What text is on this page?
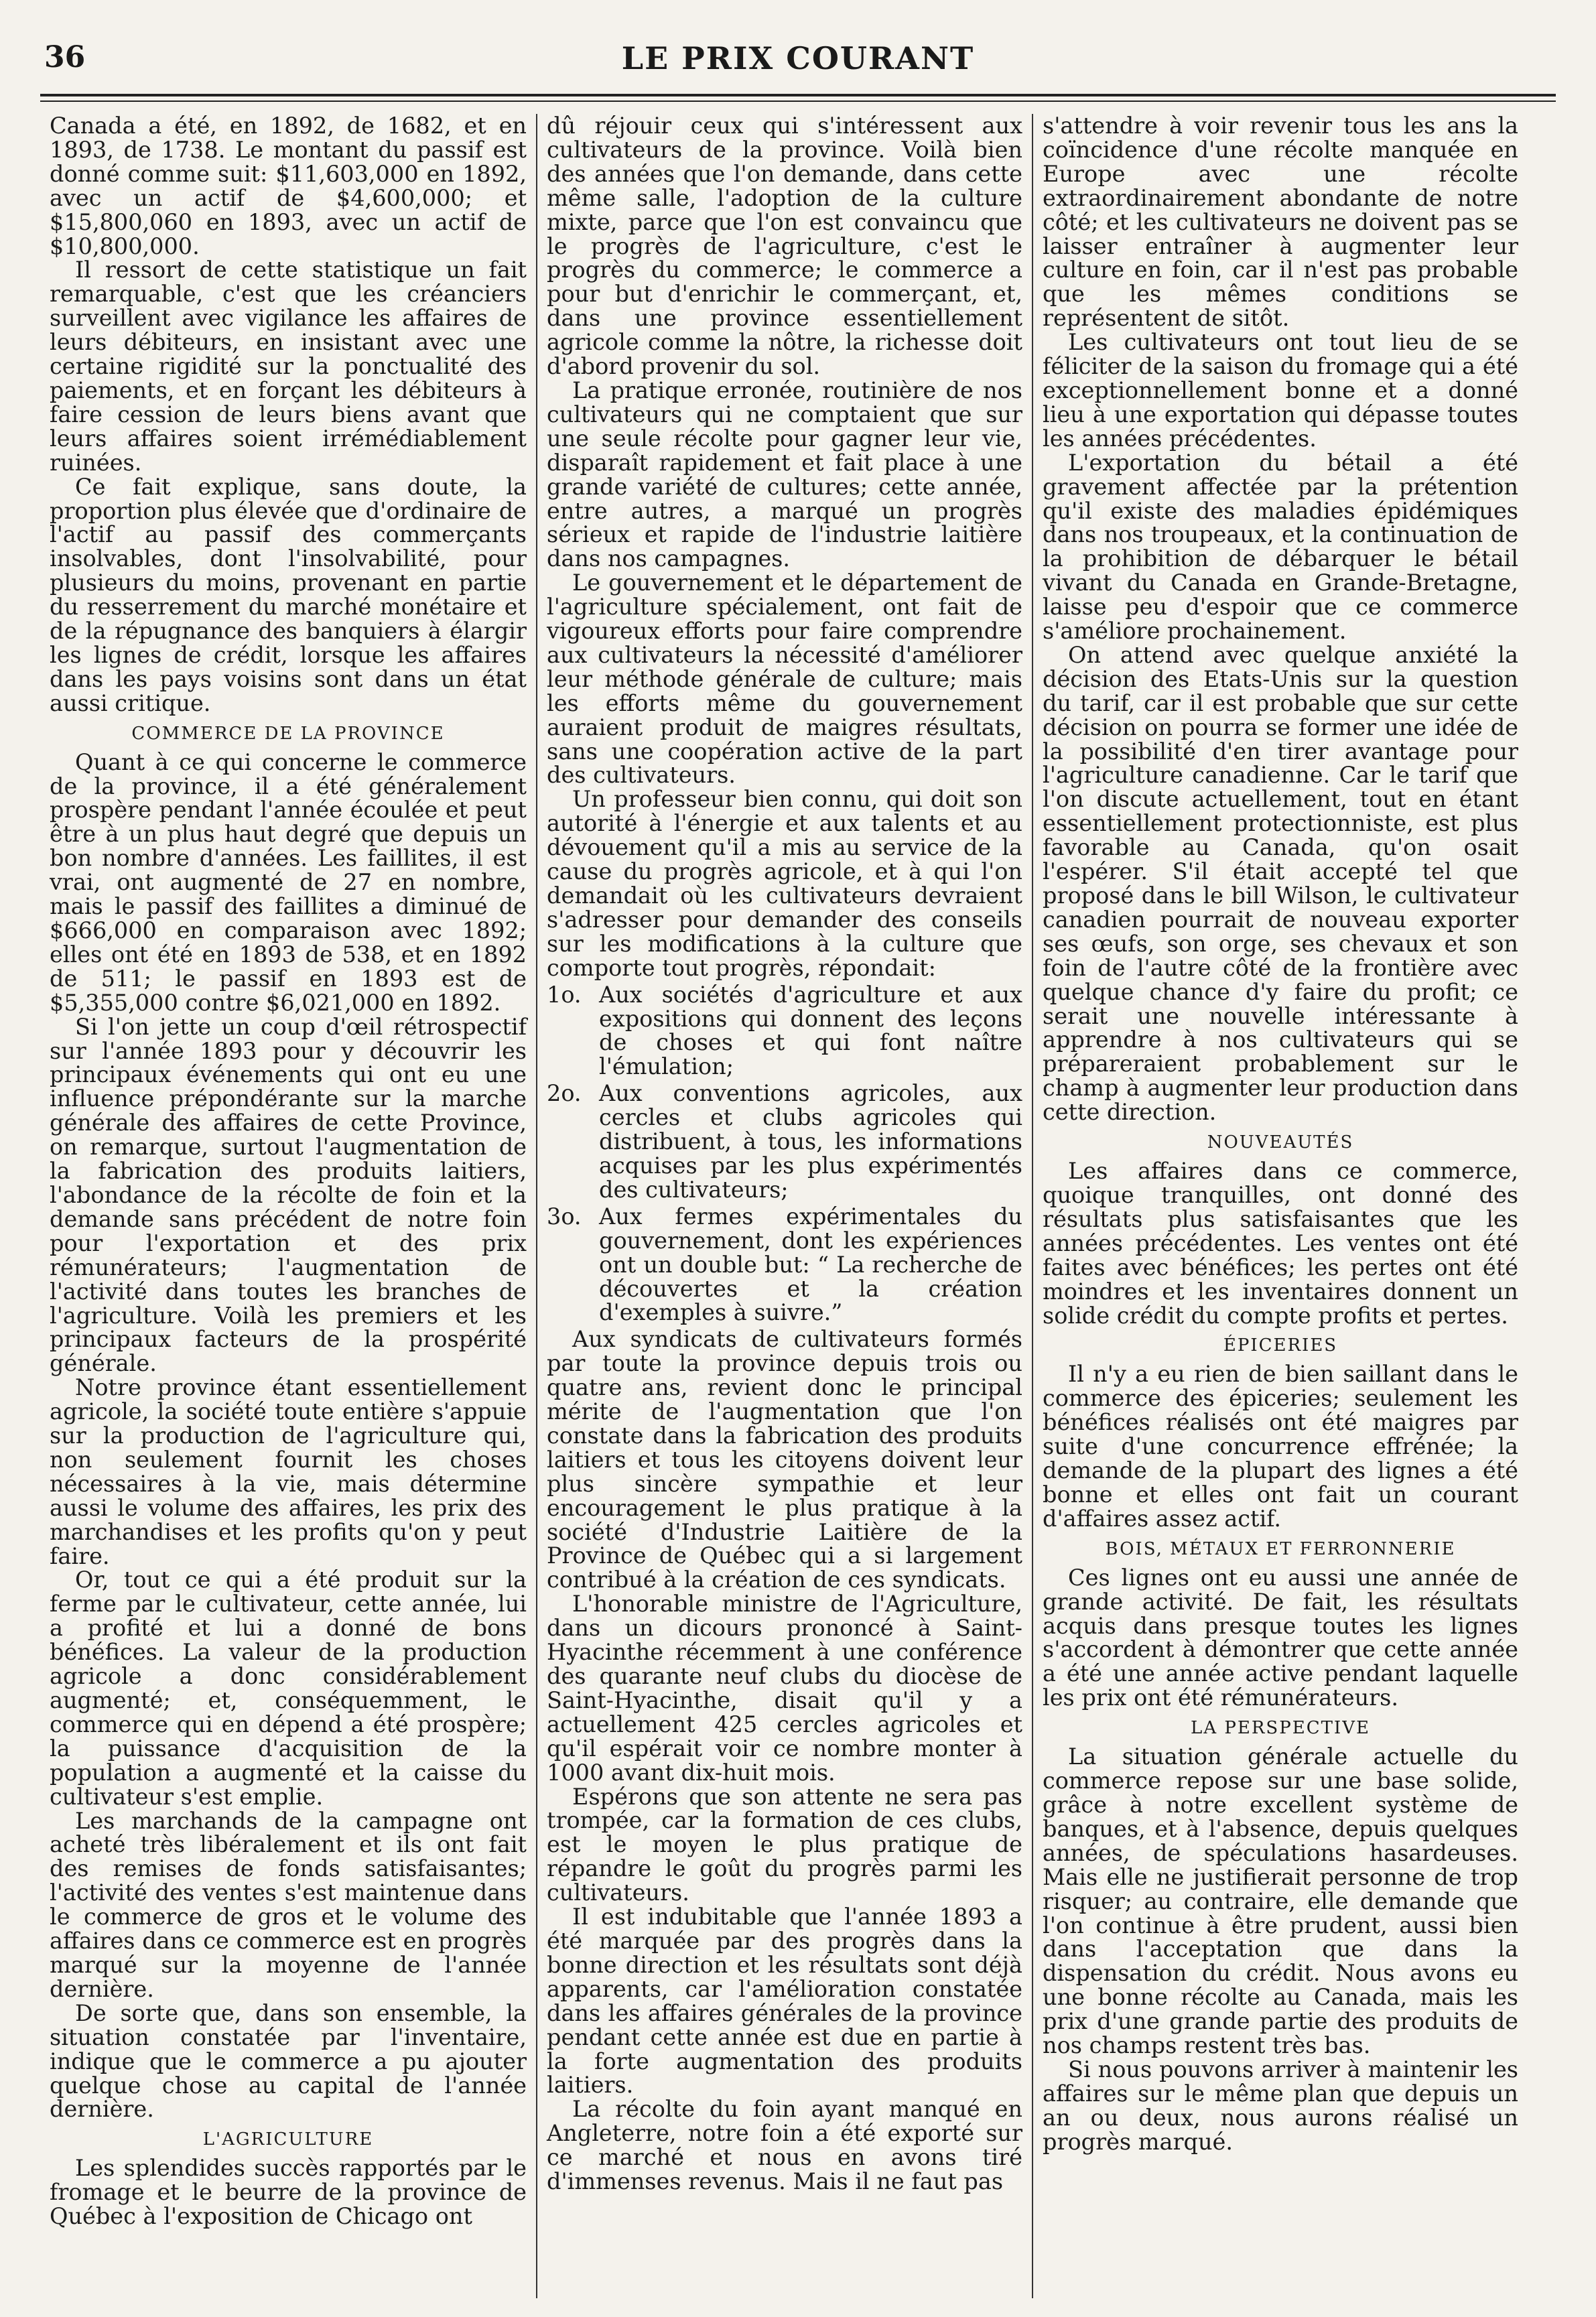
36	LE PRIX COURANT

Canada a été, en 1892, de 1682, et en 1893, de 1738. Le montant du passif est donné comme suit: $11,603,000 en 1892, avec un actif de $4,600,000; et $15,800,060 en 1893, avec un actif de $10,800,000.

Il ressort de cette statistique un fait remarquable, c'est que les créanciers surveillent avec vigilance les affaires de leurs débiteurs, en insistant avec une certaine rigidité sur la ponctualité des paiements, et en forçant les débiteurs à faire cession de leurs biens avant que leurs affaires soient irrémédiablement ruinées.

Ce fait explique, sans doute, la proportion plus élevée que d'ordinaire de l'actif au passif des commerçants insolvables, dont l'insolvabilité, pour plusieurs du moins, provenant en partie du resserrement du marché monétaire et de la répugnance des banquiers à élargir les lignes de crédit, lorsque les affaires dans les pays voisins sont dans un état aussi critique.

COMMERCE DE LA PROVINCE

Quant à ce qui concerne le commerce de la province, il a été généralement prospère pendant l'année écoulée et peut être à un plus haut degré que depuis un bon nombre d'années. Les faillites, il est vrai, ont augmenté de 27 en nombre, mais le passif des faillites a diminué de $666,000 en comparaison avec 1892; elles ont été en 1893 de 538, et en 1892 de 511; le passif en 1893 est de $5,355,000 contre $6,021,000 en 1892.

Si l'on jette un coup d'œil rétrospectif sur l'année 1893 pour y découvrir les principaux événements qui ont eu une influence prépondérante sur la marche générale des affaires de cette Province, on remarque, surtout l'augmentation de la fabrication des produits laitiers, l'abondance de la récolte de foin et la demande sans précédent de notre foin pour l'exportation et des prix rémunérateurs; l'augmentation de l'activité dans toutes les branches de l'agriculture. Voilà les premiers et les principaux facteurs de la prospérité générale.

Notre province étant essentiellement agricole, la société toute entière s'appuie sur la production de l'agriculture qui, non seulement fournit les choses nécessaires à la vie, mais détermine aussi le volume des affaires, les prix des marchandises et les profits qu'on y peut faire.

Or, tout ce qui a été produit sur la ferme par le cultivateur, cette année, lui a profité et lui a donné de bons bénéfices. La valeur de la production agricole a donc considérablement augmenté; et, conséquemment, le commerce qui en dépend a été prospère; la puissance d'acquisition de la population a augmenté et la caisse du cultivateur s'est emplie.

Les marchands de la campagne ont acheté très libéralement et ils ont fait des remises de fonds satisfaisantes; l'activité des ventes s'est maintenue dans le commerce de gros et le volume des affaires dans ce commerce est en progrès marqué sur la moyenne de l'année dernière.

De sorte que, dans son ensemble, la situation constatée par l'inventaire, indique que le commerce a pu ajouter quelque chose au capital de l'année dernière.

L'AGRICULTURE

Les splendides succès rapportés par le fromage et le beurre de la province de Québec à l'exposition de Chicago ont

dû réjouir ceux qui s'intéressent aux cultivateurs de la province. Voilà bien des années que l'on demande, dans cette même salle, l'adoption de la culture mixte, parce que l'on est convaincu que le progrès de l'agriculture, c'est le progrès du commerce; le commerce a pour but d'enrichir le commerçant, et, dans une province essentiellement agricole comme la nôtre, la richesse doit d'abord provenir du sol.

La pratique erronée, routinière de nos cultivateurs qui ne comptaient que sur une seule récolte pour gagner leur vie, disparaît rapidement et fait place à une grande variété de cultures; cette année, entre autres, a marqué un progrès sérieux et rapide de l'industrie laitière dans nos campagnes.

Le gouvernement et le département de l'agriculture spécialement, ont fait de vigoureux efforts pour faire comprendre aux cultivateurs la nécessité d'améliorer leur méthode générale de culture; mais les efforts même du gouvernement auraient produit de maigres résultats, sans une coopération active de la part des cultivateurs.

Un professeur bien connu, qui doit son autorité à l'énergie et aux talents et au dévouement qu'il a mis au service de la cause du progrès agricole, et à qui l'on demandait où les cultivateurs devraient s'adresser pour demander des conseils sur les modifications à la culture que comporte tout progrès, répondait:

1o. Aux sociétés d'agriculture et aux expositions qui donnent des leçons de choses et qui font naître l'émulation;
2o. Aux conventions agricoles, aux cercles et clubs agricoles qui distribuent, à tous, les informations acquises par les plus expérimentés des cultivateurs;
3o. Aux fermes expérimentales du gouvernement, dont les expériences ont un double but: “ La recherche de découvertes et la création d'exemples à suivre.”

Aux syndicats de cultivateurs formés par toute la province depuis trois ou quatre ans, revient donc le principal mérite de l'augmentation que l'on constate dans la fabrication des produits laitiers et tous les citoyens doivent leur plus sincère sympathie et leur encouragement le plus pratique à la société d'Industrie Laitière de la Province de Québec qui a si largement contribué à la création de ces syndicats.

L'honorable ministre de l'Agriculture, dans un dicours prononcé à Saint-Hyacinthe récemment à une conférence des quarante neuf clubs du diocèse de Saint-Hyacinthe, disait qu'il y a actuellement 425 cercles agricoles et qu'il espérait voir ce nombre monter à 1000 avant dix-huit mois.

Espérons que son attente ne sera pas trompée, car la formation de ces clubs, est le moyen le plus pratique de répandre le goût du progrès parmi les cultivateurs.

Il est indubitable que l'année 1893 a été marquée par des progrès dans la bonne direction et les résultats sont déjà apparents, car l'amélioration constatée dans les affaires générales de la province pendant cette année est due en partie à la forte augmentation des produits laitiers.

La récolte du foin ayant manqué en Angleterre, notre foin a été exporté sur ce marché et nous en avons tiré d'immenses revenus. Mais il ne faut pas

s'attendre à voir revenir tous les ans la coïncidence d'une récolte manquée en Europe avec une récolte extraordinairement abondante de notre côté; et les cultivateurs ne doivent pas se laisser entraîner à augmenter leur culture en foin, car il n'est pas probable que les mêmes conditions se représentent de sitôt.

Les cultivateurs ont tout lieu de se féliciter de la saison du fromage qui a été exceptionnellement bonne et a donné lieu à une exportation qui dépasse toutes les années précédentes.

L'exportation du bétail a été gravement affectée par la prétention qu'il existe des maladies épidémiques dans nos troupeaux, et la continuation de la prohibition de débarquer le bétail vivant du Canada en Grande-Bretagne, laisse peu d'espoir que ce commerce s'améliore prochainement.

On attend avec quelque anxiété la décision des Etats-Unis sur la question du tarif, car il est probable que sur cette décision on pourra se former une idée de la possibilité d'en tirer avantage pour l'agriculture canadienne. Car le tarif que l'on discute actuellement, tout en étant essentiellement protectionniste, est plus favorable au Canada, qu'on osait l'espérer. S'il était accepté tel que proposé dans le bill Wilson, le cultivateur canadien pourrait de nouveau exporter ses œufs, son orge, ses chevaux et son foin de l'autre côté de la frontière avec quelque chance d'y faire du profit; ce serait une nouvelle intéressante à apprendre à nos cultivateurs qui se prépareraient probablement sur le champ à augmenter leur production dans cette direction.

NOUVEAUTÉS

Les affaires dans ce commerce, quoique tranquilles, ont donné des résultats plus satisfaisantes que les années précédentes. Les ventes ont été faites avec bénéfices; les pertes ont été moindres et les inventaires donnent un solide crédit du compte profits et pertes.

ÉPICERIES

Il n'y a eu rien de bien saillant dans le commerce des épiceries; seulement les bénéfices réalisés ont été maigres par suite d'une concurrence effrénée; la demande de la plupart des lignes a été bonne et elles ont fait un courant d'affaires assez actif.

BOIS, MÉTAUX ET FERRONNERIE

Ces lignes ont eu aussi une année de grande activité. De fait, les résultats acquis dans presque toutes les lignes s'accordent à démontrer que cette année a été une année active pendant laquelle les prix ont été rémunérateurs.

LA PERSPECTIVE

La situation générale actuelle du commerce repose sur une base solide, grâce à notre excellent système de banques, et à l'absence, depuis quelques années, de spéculations hasardeuses. Mais elle ne justifierait personne de trop risquer; au contraire, elle demande que l'on continue à être prudent, aussi bien dans l'acceptation que dans la dispensation du crédit. Nous avons eu une bonne récolte au Canada, mais les prix d'une grande partie des produits de nos champs restent très bas.

Si nous pouvons arriver à maintenir les affaires sur le même plan que depuis un an ou deux, nous aurons réalisé un progrès marqué.
